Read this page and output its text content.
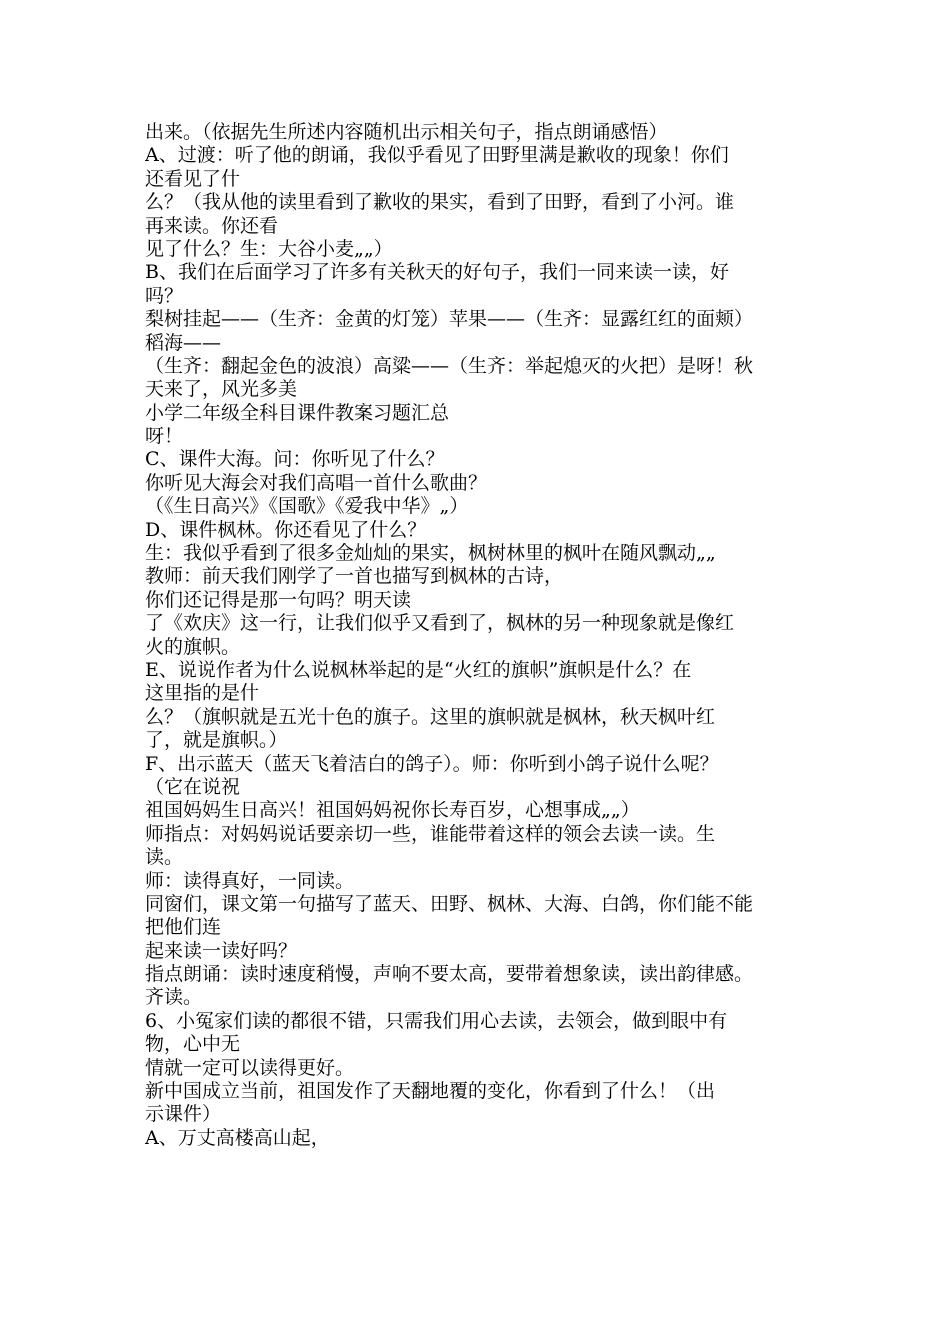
出来。（依据先生所述内容随机出示相关句子，指点朗诵感悟）
A、过渡：听了他的朗诵，我似乎看见了田野里满是歉收的现象！你们
还看见了什
么？（我从他的读里看到了歉收的果实，看到了田野，看到了小河。谁
再来读。你还看
见了什么？生：大谷小麦„„）
B、我们在后面学习了许多有关秋天的好句子，我们一同来读一读，好
吗？
梨树挂起——（生齐：金黄的灯笼）苹果——（生齐：显露红红的面颊）
稻海——
（生齐：翻起金色的波浪）高粱——（生齐：举起熄灭的火把）是呀！秋
天来了，风光多美
小学二年级全科目课件教案习题汇总
呀！
C、课件大海。问：你听见了什么？
你听见大海会对我们高唱一首什么歌曲？
（《生日高兴》《国歌》《爱我中华》„）
D、课件枫林。你还看见了什么？
生：我似乎看到了很多金灿灿的果实，枫树林里的枫叶在随风飘动„„
教师：前天我们刚学了一首也描写到枫林的古诗，
你们还记得是那一句吗？明天读
了《欢庆》这一行，让我们似乎又看到了，枫林的另一种现象就是像红
火的旗帜。
E、说说作者为什么说枫林举起的是“火红的旗帜”旗帜是什么？在
这里指的是什
么？（旗帜就是五光十色的旗子。这里的旗帜就是枫林，秋天枫叶红
了，就是旗帜。）
F、出示蓝天（蓝天飞着洁白的鸽子）。师：你听到小鸽子说什么呢？
（它在说祝
祖国妈妈生日高兴！祖国妈妈祝你长寿百岁，心想事成„„）
师指点：对妈妈说话要亲切一些，谁能带着这样的领会去读一读。生
读。
师：读得真好，一同读。
同窗们，课文第一句描写了蓝天、田野、枫林、大海、白鸽，你们能不能
把他们连
起来读一读好吗？
指点朗诵：读时速度稍慢，声响不要太高，要带着想象读，读出韵律感。
齐读。
6、小冤家们读的都很不错，只需我们用心去读，去领会，做到眼中有
物，心中无
情就一定可以读得更好。
新中国成立当前，祖国发作了天翻地覆的变化，你看到了什么！（出
示课件）
A、万丈高楼高山起，
